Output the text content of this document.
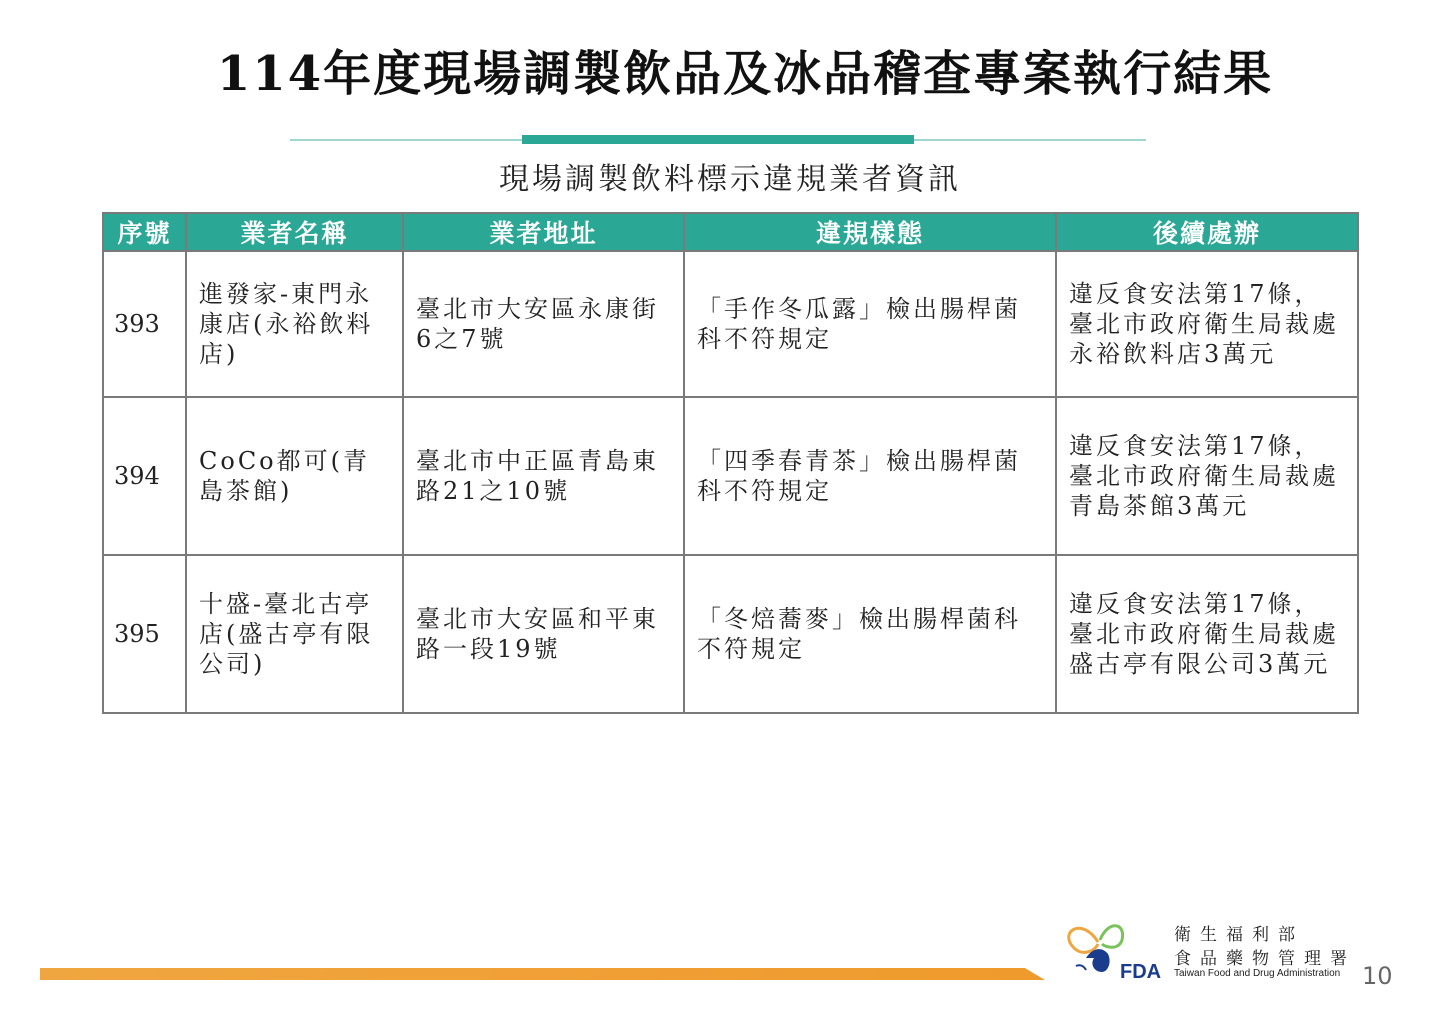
114年度現場調製飲品及冰品稽查專案執行結果
現場調製飲料標示違規業者資訊
序號	業者名稱	業者地址	違規樣態	後續處辦
393	進發家-東門永康店(永裕飲料店)	臺北市大安區永康街6之7號	「手作冬瓜露」檢出腸桿菌科不符規定	違反食安法第17條，臺北市政府衛生局裁處永裕飲料店3萬元
394	CoCo都可(青島茶館)	臺北市中正區青島東路21之10號	「四季春青茶」檢出腸桿菌科不符規定	違反食安法第17條，臺北市政府衛生局裁處青島茶館3萬元
395	十盛-臺北古亭店(盛古亭有限公司)	臺北市大安區和平東路一段19號	「冬焙蕎麥」檢出腸桿菌科不符規定	違反食安法第17條，臺北市政府衛生局裁處盛古亭有限公司3萬元
FDA
衛生福利部
食品藥物管理署
Taiwan Food and Drug Administration 10
